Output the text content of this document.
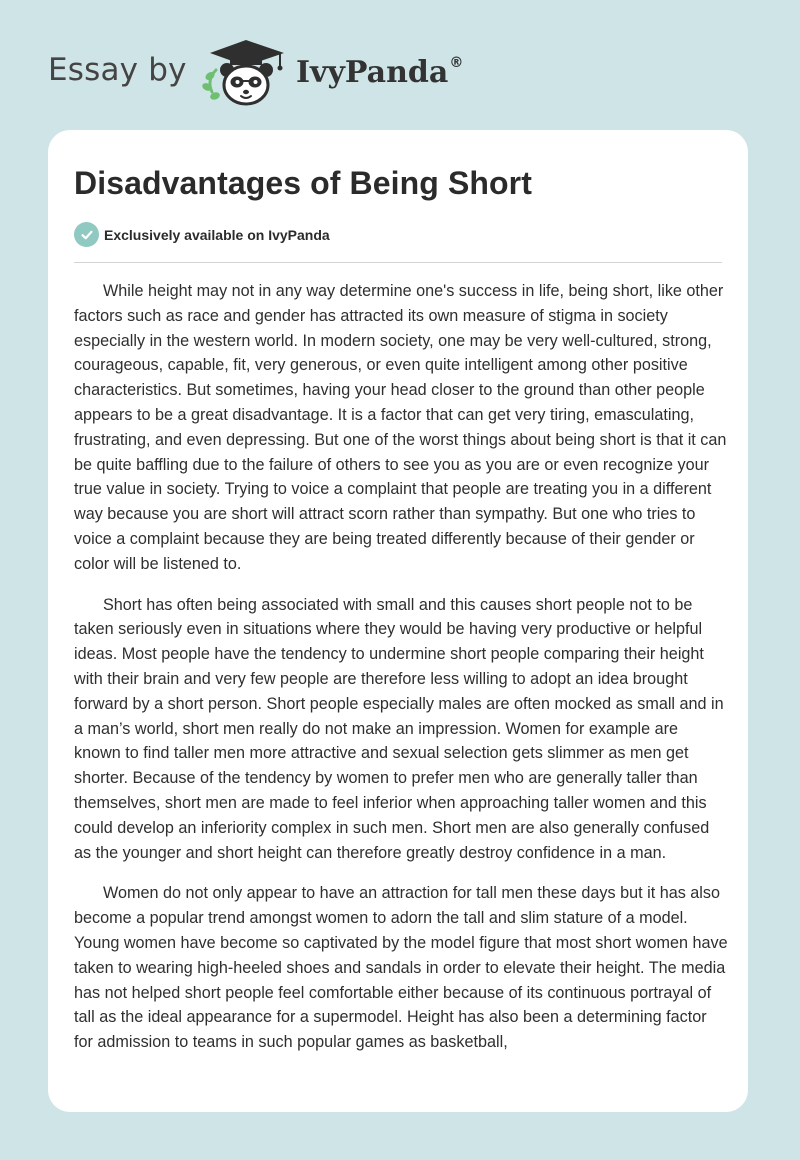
Essay by	IvyPanda®
Disadvantages of Being Short
Exclusively available on IvyPanda

While height may not in any way determine one's success in life, being short, like other factors such as race and gender has attracted its own measure of stigma in society especially in the western world. In modern society, one may be very well-cultured, strong, courageous, capable, fit, very generous, or even quite intelligent among other positive characteristics. But sometimes, having your head closer to the ground than other people appears to be a great disadvantage. It is a factor that can get very tiring, emasculating, frustrating, and even depressing. But one of the worst things about being short is that it can be quite baffling due to the failure of others to see you as you are or even recognize your true value in society. Trying to voice a complaint that people are treating you in a different way because you are short will attract scorn rather than sympathy. But one who tries to voice a complaint because they are being treated differently because of their gender or color will be listened to.

Short has often being associated with small and this causes short people not to be taken seriously even in situations where they would be having very productive or helpful ideas. Most people have the tendency to undermine short people comparing their height with their brain and very few people are therefore less willing to adopt an idea brought forward by a short person. Short people especially males are often mocked as small and in a man’s world, short men really do not make an impression. Women for example are known to find taller men more attractive and sexual selection gets slimmer as men get shorter. Because of the tendency by women to prefer men who are generally taller than themselves, short men are made to feel inferior when approaching taller women and this could develop an inferiority complex in such men. Short men are also generally confused as the younger and short height can therefore greatly destroy confidence in a man.

Women do not only appear to have an attraction for tall men these days but it has also become a popular trend amongst women to adorn the tall and slim stature of a model. Young women have become so captivated by the model figure that most short women have taken to wearing high-heeled shoes and sandals in order to elevate their height. The media has not helped short people feel comfortable either because of its continuous portrayal of tall as the ideal appearance for a supermodel. Height has also been a determining factor for admission to teams in such popular games as basketball,
